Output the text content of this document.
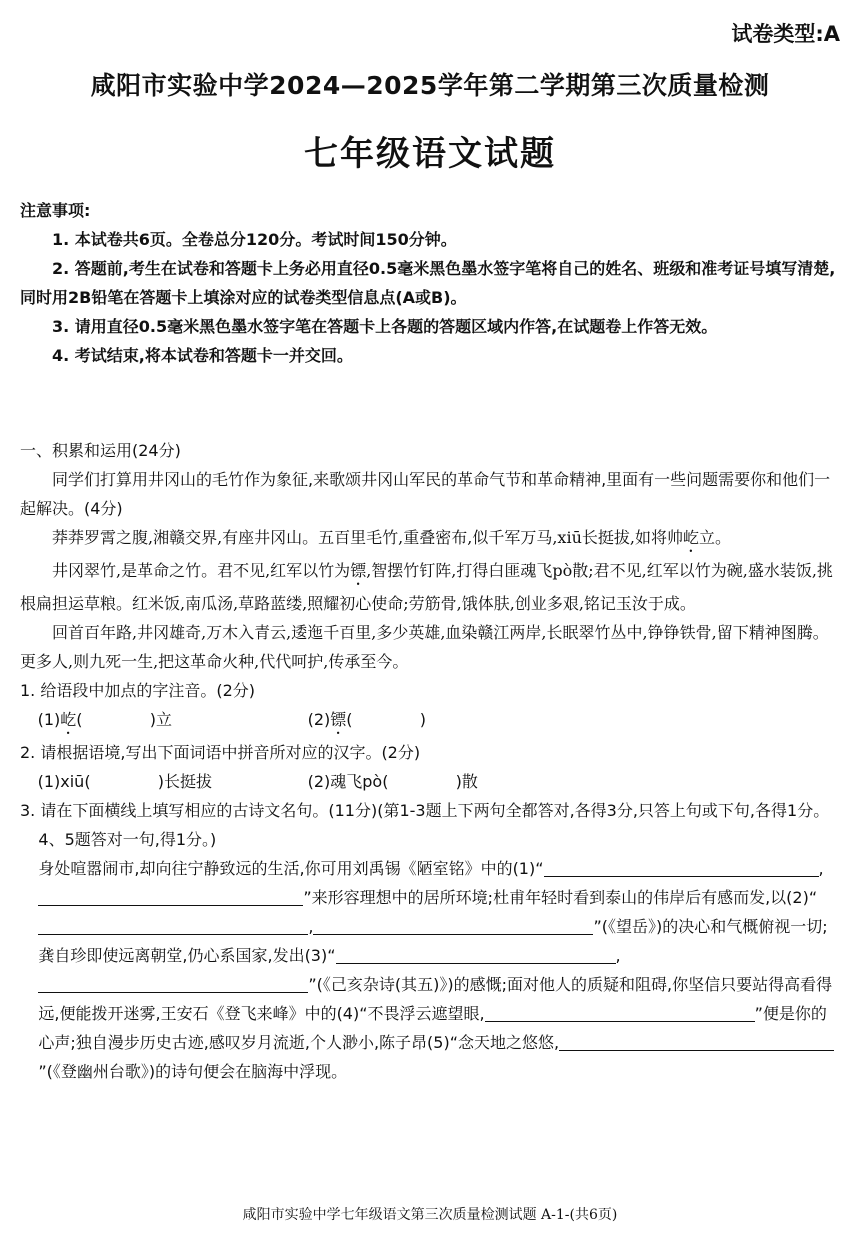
试卷类型:A
咸阳市实验中学2024—2025学年第二学期第三次质量检测
七年级语文试题
注意事项:
1. 本试卷共6页。全卷总分120分。考试时间150分钟。
2. 答题前,考生在试卷和答题卡上务必用直径0.5毫米黑色墨水签字笔将自己的姓名、班级和准考证号填写清楚,同时用2B铅笔在答题卡上填涂对应的试卷类型信息点(A或B)。
3. 请用直径0.5毫米黑色墨水签字笔在答题卡上各题的答题区域内作答,在试题卷上作答无效。
4. 考试结束,将本试卷和答题卡一并交回。
一、积累和运用(24分)
同学们打算用井冈山的毛竹作为象征,来歌颂井冈山军民的革命气节和革命精神,里面有一些问题需要你和他们一起解决。(4分)
莽莽罗霄之腹,湘赣交界,有座井冈山。五百里毛竹,重叠密布,似千军万马,xiū长挺拔,如将帅屹立。
井冈翠竹,是革命之竹。君不见,红军以竹为镖,智摆竹钉阵,打得白匪魂飞pò散;君不见,红军以竹为碗,盛水装饭,挑根扁担运草粮。红米饭,南瓜汤,草路蓝缕,照耀初心使命;劳筋骨,饿体肤,创业多艰,铭记玉汝于成。
回首百年路,井冈雄奇,万木入青云,逶迤千百里,多少英雄,血染赣江两岸,长眠翠竹丛中,铮铮铁骨,留下精神图腾。更多人,则九死一生,把这革命火种,代代呵护,传承至今。
1. 给语段中加点的字注音。(2分)
(1)屹(	)立	(2)镖(	)
2. 请根据语境,写出下面词语中拼音所对应的汉字。(2分)
(1)xiū(	)长挺拔	(2)魂飞pò(	)散
3. 请在下面横线上填写相应的古诗文名句。(11分)(第1-3题上下两句全都答对,各得3分,只答上句或下句,各得1分。4、5题答对一句,得1分。)
身处喧嚣闹市,却向往宁静致远的生活,你可用刘禹锡《陋室铭》中的(1)“	,”来形容理想中的居所环境;杜甫年轻时看到泰山的伟岸后有感而发,以(2)“,	”(《望岳》)的决心和气概俯视一切;龚自珍即使远离朝堂,仍心系国家,发出(3)“	,”(《己亥杂诗(其五)》)的感慨;面对他人的质疑和阻碍,你坚信只要站得高看得远,便能拨开迷雾,王安石《登飞来峰》中的(4)“不畏浮云遮望眼,	”便是你的心声;独自漫步历史古迹,感叹岁月流逝,个人渺小,陈子昂(5)“念天地之悠悠,”(《登幽州台歌》)的诗句便会在脑海中浮现。
咸阳市实验中学七年级语文第三次质量检测试题 A-1-(共6页)
